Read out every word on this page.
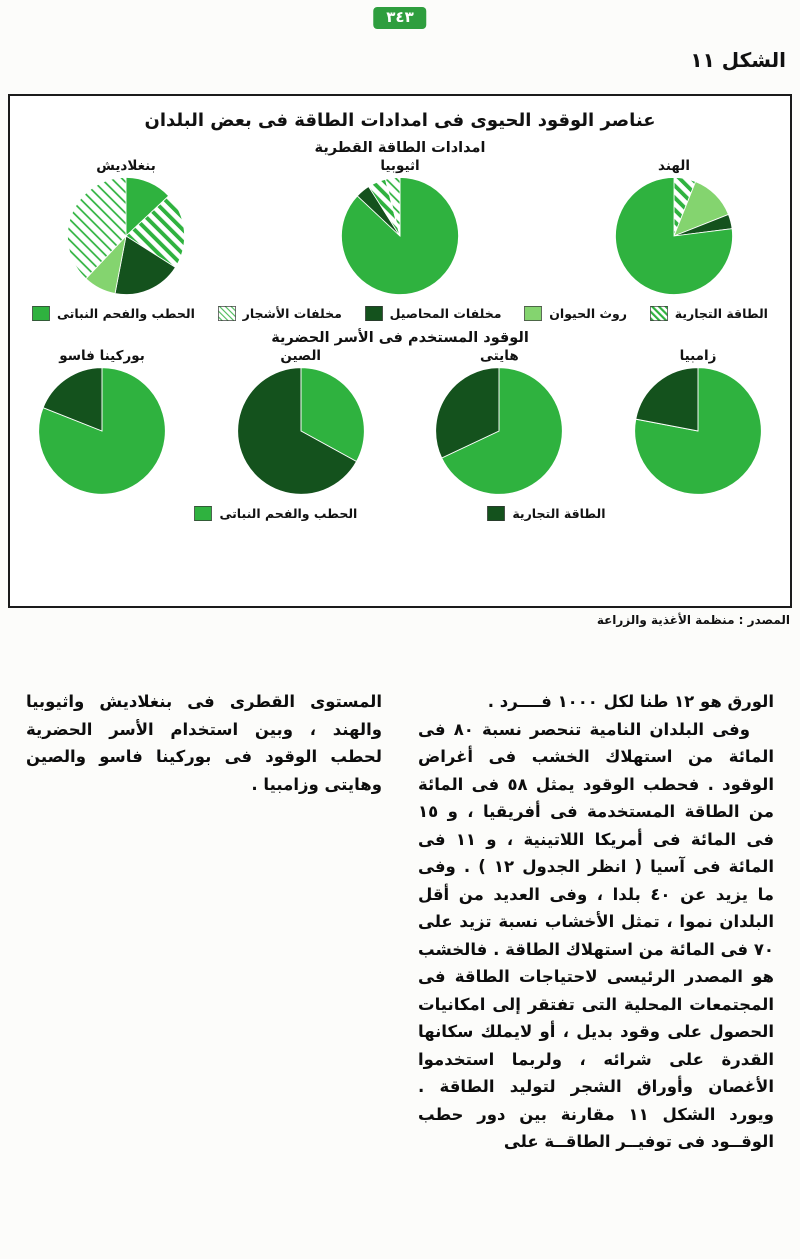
٣٤٣
الشكل ١١
عناصر الوقود الحيوى فى امدادات الطاقة فى بعض البلدان
امدادات الطاقة القطرية
الهند
اثيوبيا
بنغلاديش
الحطب والفحم النباتى	مخلفات الأشجار	مخلفات المحاصيل	روث الحيوان	الطاقة التجارية
الوقود المستخدم فى الأسر الحضرية
زامبيا
هايتى
الصين
بوركينا فاسو
الحطب والفحم النباتى	الطاقة التجارية
المصدر : منظمة الأغذية والزراعة

الورق هو ١٢ طنا لكل ١٠٠٠ فــــرد .

وفى البلدان النامية تنحصر نسبة ٨٠ فى المائة من استهلاك الخشب فى أغراض الوقود . فحطب الوقود يمثل ٥٨ فى المائة من الطاقة المستخدمة فى أفريقيا ، و ١٥ فى المائة فى أمريكا اللاتينية ، و ١١ فى المائة فى آسيا ( انظر الجدول ١٢ ) . وفى ما يزيد عن ٤٠ بلدا ، وفى العديد من أقل البلدان نموا ، تمثل الأخشاب نسبة تزيد على ٧٠ فى المائة من استهلاك الطاقة . فالخشب هو المصدر الرئيسى لاحتياجات الطاقة فى المجتمعات المحلية التى تفتقر إلى امكانيات الحصول على وقود بديل ، أو لايملك سكانها القدرة على شرائه ، ولربما استخدموا الأغصان وأوراق الشجر لتوليد الطاقة . ويورد الشكل ١١ مقارنة بين دور حطب الوقــود فى توفيــر الطاقــة على

المستوى القطرى فى بنغلاديش واثيوبيا والهند ، وبين استخدام الأسر الحضرية لحطب الوقود فى بوركينا فاسو والصين وهايتى وزامبيا .
